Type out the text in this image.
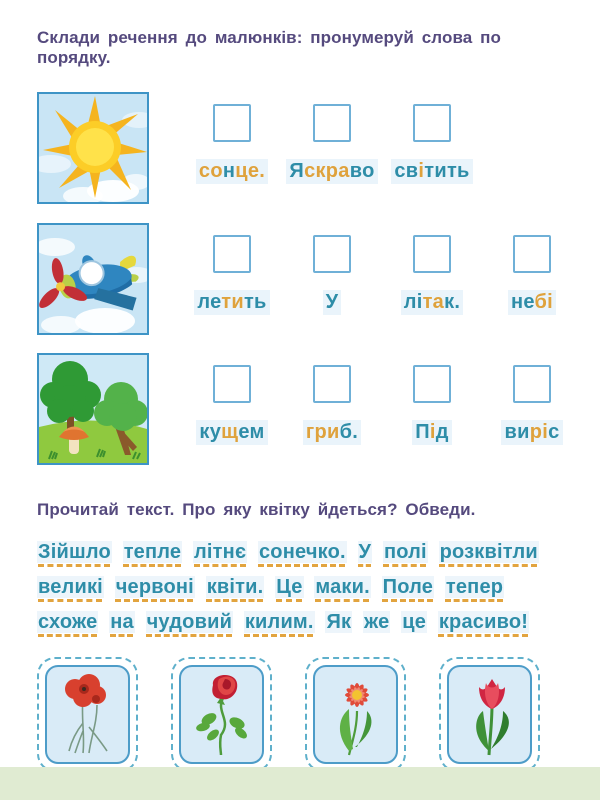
Склади речення до малюнків: пронумеруй слова по порядку.
сонце. Яскраво світить
летить	У	літак.	небі
кущем гриб.	Під	виріс
Прочитай текст. Про яку квітку йдеться? Обведи.
Зійшло тепле літнє сонечко. У полі розквітли
великі червоні квіти. Це маки. Поле тепер
схоже на чудовий килим. Як же це красиво!
